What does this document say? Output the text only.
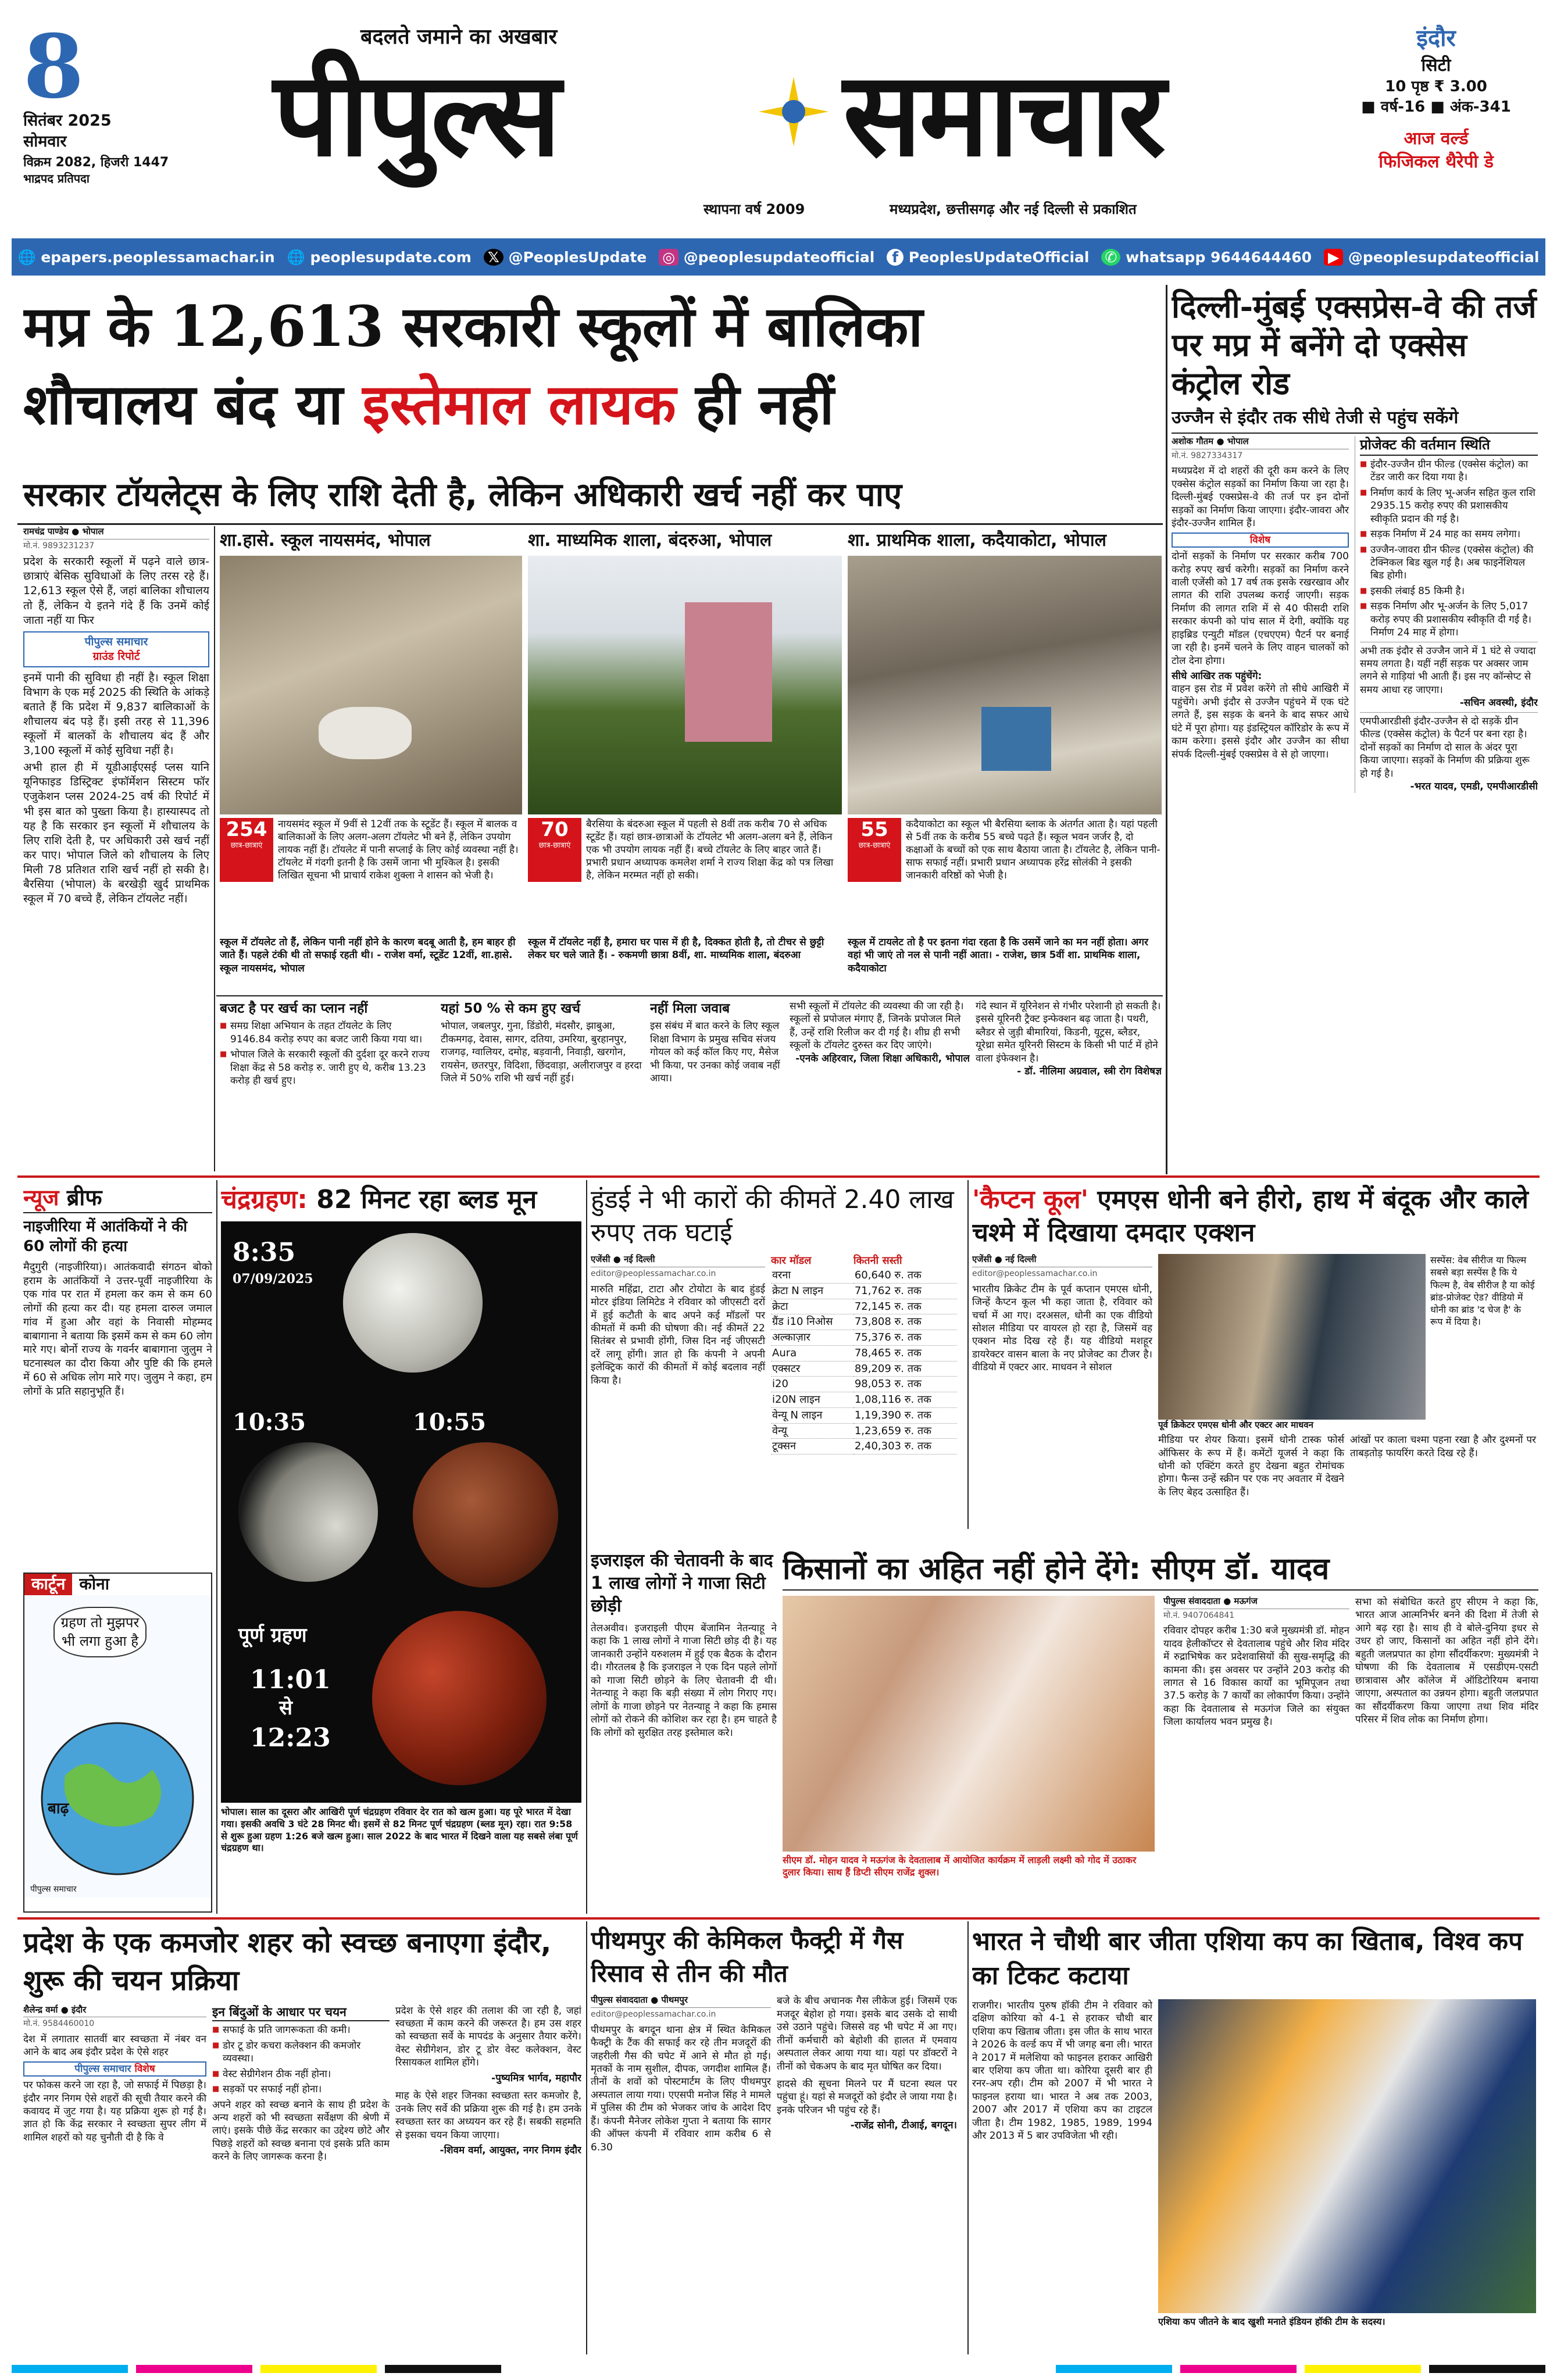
8
सितंबर 2025
सोमवार
विक्रम 2082, हिजरी 1447
भाद्रपद प्रतिपदा
बदलते जमाने का अखबार
पीपुल्स समाचार
स्थापना वर्ष 2009	मध्यप्रदेश, छत्तीसगढ़ और नई दिल्ली से प्रकाशित
इंदौर
सिटी
10 पृष्ठ ₹ 3.00
■ वर्ष-16 ■ अंक-341
आज वर्ल्ड
फिजिकल थैरेपी डे
🌐 epapers.peoplessamachar.in 🌐 peoplesupdate.com 𝕏 @PeoplesUpdate ◎ @peoplesupdateofficial	f PeoplesUpdateOfficial ✆ whatsapp 9644644460 ▶ @peoplesupdateofficial
मप्र के 12,613 सरकारी स्कूलों में बालिका
शौचालय बंद या इस्तेमाल लायक ही नहीं
सरकार टॉयलेट्स के लिए राशि देती है, लेकिन अधिकारी खर्च नहीं कर पाए
रामचंद्र पाण्डेय ● भोपाल
मो.नं. 9893231237

प्रदेश के सरकारी स्कूलों में पढ़ने वाले छात्र-छात्राएं बेसिक सुविधाओं के लिए तरस रहे हैं। 12,613 स्कूल ऐसे हैं, जहां बालिका शौचालय तो हैं, लेकिन ये इतने गंदे हैं कि उनमें कोई जाता नहीं या फिर

पीपुल्स समाचार
ग्राउंड रिपोर्ट

इनमें पानी की सुविधा ही नहीं है। स्कूल शिक्षा विभाग के एक मई 2025 की स्थिति के आंकड़े बताते हैं कि प्रदेश में 9,837 बालिकाओं के शौचालय बंद पड़े हैं। इसी तरह से 11,396 स्कूलों में बालकों के शौचालय बंद हैं और 3,100 स्कूलों में कोई सुविधा नहीं है।

अभी हाल ही में यूडीआईएसई प्लस यानि यूनिफाइड डिस्ट्रिक्ट इंफॉर्मेशन सिस्टम फॉर एजुकेशन प्लस 2024-25 वर्ष की रिपोर्ट में भी इस बात को पुख्ता किया है। हास्यास्पद तो यह है कि सरकार इन स्कूलों में शौचालय के लिए राशि देती है, पर अधिकारी उसे खर्च नहीं कर पाए। भोपाल जिले को शौचालय के लिए मिली 78 प्रतिशत राशि खर्च नहीं हो सकी है। बैरसिया (भोपाल) के बरखेड़ी खुर्द प्राथमिक स्कूल में 70 बच्चे हैं, लेकिन टॉयलेट नहीं।

शा.हासे. स्कूल नायसमंद, भोपाल
254
छात्र-छात्राएं
नायसमंद स्कूल में 9वीं से 12वीं तक के स्टूडेंट हैं। स्कूल में बालक व बालिकाओं के लिए अलग-अलग टॉयलेट भी बने हैं, लेकिन उपयोग लायक नहीं हैं। टॉयलेट में पानी सप्लाई के लिए कोई व्यवस्था नहीं है। टॉयलेट में गंदगी इतनी है कि उसमें जाना भी मुश्किल है। इसकी लिखित सूचना भी प्राचार्य राकेश शुक्ला ने शासन को भेजी है।
शा. माध्यमिक शाला, बंदरुआ, भोपाल
70
छात्र-छात्राएं
बैरसिया के बंदरुआ स्कूल में पहली से 8वीं तक करीब 70 से अधिक स्टूडेंट हैं। यहां छात्र-छात्राओं के टॉयलेट भी अलग-अलग बने हैं, लेकिन एक भी उपयोग लायक नहीं हैं। बच्चे टॉयलेट के लिए बाहर जाते हैं। प्रभारी प्रधान अध्यापक कमलेश शर्मा ने राज्य शिक्षा केंद्र को पत्र लिखा है, लेकिन मरम्मत नहीं हो सकी।
शा. प्राथमिक शाला, कदैयाकोटा, भोपाल
55
छात्र-छात्राएं
कदैयाकोटा का स्कूल भी बैरसिया ब्लाक के अंतर्गत आता है। यहां पहली से 5वीं तक के करीब 55 बच्चे पढ़ते हैं। स्कूल भवन जर्जर है, दो कक्षाओं के बच्चों को एक साथ बैठाया जाता है। टॉयलेट है, लेकिन पानी-साफ सफाई नहीं। प्रभारी प्रधान अध्यापक हरेंद्र सोलंकी ने इसकी जानकारी वरिष्ठों को भेजी है।
स्कूल में टॉयलेट तो हैं, लेकिन पानी नहीं होने के कारण बदबू आती है, हम बाहर ही जाते हैं। पहले टंकी थी तो सफाई रहती थी। - राजेश वर्मा, स्टूडेंट 12वीं, शा.हासे. स्कूल नायसमंद, भोपाल
स्कूल में टॉयलेट नहीं है, हमारा घर पास में ही है, दिक्कत होती है, तो टीचर से छुट्टी लेकर घर चले जाते हैं। - रुकमणी छात्रा 8वीं, शा. माध्यमिक शाला, बंदरुआ
स्कूल में टायलेट तो है पर इतना गंदा रहता है कि उसमें जाने का मन नहीं होता। अगर वहां भी जाएं तो नल से पानी नहीं आता। - राजेश, छात्र 5वीं शा. प्राथमिक शाला, कदैयाकोटा
बजट है पर खर्च का प्लान नहीं
■ समग्र शिक्षा अभियान के तहत टॉयलेट के लिए 9146.84 करोड़ रुपए का बजट जारी किया गया था।
■ भोपाल जिले के सरकारी स्कूलों की दुर्दशा दूर करने राज्य शिक्षा केंद्र से 58 करोड़ रु. जारी हुए थे, करीब 13.23 करोड़ ही खर्च हुए।
यहां 50 % से कम हुए खर्च
भोपाल, जबलपुर, गुना, डिंडोरी, मंदसौर, झाबुआ, टीकमगढ़, देवास, सागर, दतिया, उमरिया, बुरहानपुर, राजगढ़, ग्वालियर, दमोह, बड़वानी, निवाड़ी, खरगोन, रायसेन, छतरपुर, विदिशा, छिंदवाड़ा, अलीराजपुर व हरदा जिले में 50% राशि भी खर्च नहीं हुई।
नहीं मिला जवाब
इस संबंध में बात करने के लिए स्कूल शिक्षा विभाग के प्रमुख सचिव संजय गोयल को कई कॉल किए गए, मैसेज भी किया, पर उनका कोई जवाब नहीं आया।
सभी स्कूलों में टॉयलेट की व्यवस्था की जा रही है। स्कूलों से प्रपोजल मंगाए हैं, जिनके प्रपोजल मिले हैं, उन्हें राशि रिलीज कर दी गई है। शीघ्र ही सभी स्कूलों के टॉयलेट दुरुस्त कर दिए जाएंगे।
-एनके अहिरवार, जिला शिक्षा अधिकारी, भोपाल
गंदे स्थान में यूरिनेशन से गंभीर परेशानी हो सकती है। इससे यूरिनरी ट्रैक्ट इन्फेक्शन बढ़ जाता है। पथरी, ब्लैडर से जुड़ी बीमारियां, किडनी, यूट्रस, ब्लैडर, यूरेथ्रा समेत यूरिनरी सिस्टम के किसी भी पार्ट में होने वाला इंफेक्शन है।
- डॉ. नीलिमा अग्रवाल, स्त्री रोग विशेषज्ञ
दिल्ली-मुंबई एक्सप्रेस-वे की तर्ज पर मप्र में बनेंगे दो एक्सेस कंट्रोल रोड
उज्जैन से इंदौर तक सीधे तेजी से पहुंच सकेंगे
अशोक गौतम ● भोपाल
मो.नं. 9827334317

मध्यप्रदेश में दो शहरों की दूरी कम करने के लिए एक्सेस कंट्रोल सड़कों का निर्माण किया जा रहा है। दिल्ली-मुंबई एक्सप्रेस-वे की तर्ज पर इन दोनों सड़कों का निर्माण किया जाएगा। इंदौर-जावरा और इंदौर-उज्जैन शामिल हैं।

विशेष

दोनों सड़कों के निर्माण पर सरकार करीब 700 करोड़ रुपए खर्च करेगी। सड़कों का निर्माण करने वाली एजेंसी को 17 वर्ष तक इसके रखरखाव और लागत की राशि उपलब्ध कराई जाएगी। सड़क निर्माण की लागत राशि में से 40 फीसदी राशि सरकार कंपनी को पांच साल में देगी, क्योंकि यह हाइब्रिड एन्युटी मॉडल (एचएएम) पैटर्न पर बनाई जा रही है। इनमें चलने के लिए वाहन चालकों को टोल देना होगा।

सीधे आखिर तक पहुंचेंगे:

वाहन इस रोड में प्रवेश करेंगे तो सीधे आखिरी में पहुंचेंगे। अभी इंदौर से उज्जैन पहुंचने में एक घंटे लगते हैं, इस सड़क के बनने के बाद सफर आधे घंटे में पूरा होगा। यह इंडस्ट्रियल कॉरिडोर के रूप में काम करेगा। इससे इंदौर और उज्जैन का सीधा संपर्क दिल्ली-मुंबई एक्सप्रेस वे से हो जाएगा।

प्रोजेक्ट की वर्तमान स्थिति
■ इंदौर-उज्जैन ग्रीन फील्ड (एक्सेस कंट्रोल) का टेंडर जारी कर दिया गया है।
■ निर्माण कार्य के लिए भू-अर्जन सहित कुल राशि 2935.15 करोड़ रुपए की प्रशासकीय स्वीकृति प्रदान की गई है।
■ सड़क निर्माण में 24 माह का समय लगेगा।
■ उज्जैन-जावरा ग्रीन फील्ड (एक्सेस कंट्रोल) की टेक्निकल बिड खुल गई है। अब फाइनेंशियल बिड होगी।
■ इसकी लंबाई 85 किमी है।
■ सड़क निर्माण और भू-अर्जन के लिए 5,017 करोड़ रुपए की प्रशासकीय स्वीकृति दी गई है। निर्माण 24 माह में होगा।
अभी तक इंदौर से उज्जैन जाने में 1 घंटे से ज्यादा समय लगता है। यहीं नहीं सड़क पर अक्सर जाम लगने से गाड़ियां भी आती हैं। इस नए कॉन्सेप्ट से समय आधा रह जाएगा।
-सचिन अवस्थी, इंदौर
एमपीआरडीसी इंदौर-उज्जैन से दो सड़कें ग्रीन फील्ड (एक्सेस कंट्रोल) के पैटर्न पर बना रहा है। दोनों सड़कों का निर्माण दो साल के अंदर पूरा किया जाएगा। सड़कों के निर्माण की प्रक्रिया शुरू हो गई है।
-भरत यादव, एमडी, एमपीआरडीसी
न्यूज ब्रीफ
नाइजीरिया में आतंकियों ने की 60 लोगों की हत्या

मैदुगुरी (नाइजीरिया)। आतंकवादी संगठन बोको हराम के आतंकियों ने उत्तर-पूर्वी नाइजीरिया के एक गांव पर रात में हमला कर कम से कम 60 लोगों की हत्या कर दी। यह हमला दारुल जमाल गांव में हुआ और वहां के निवासी मोहम्मद बाबागाना ने बताया कि इसमें कम से कम 60 लोग मारे गए। बोर्नो राज्य के गवर्नर बाबागाना जुलुम ने घटनास्थल का दौरा किया और पुष्टि की कि हमले में 60 से अधिक लोग मारे गए। जुलुम ने कहा, हम लोगों के प्रति सहानुभूति हैं।

कार्टून कोना
ग्रहण तो मुझपर भी लगा हुआ है
बाढ़
पीपुल्स समाचार
चंद्रग्रहण: 82 मिनट रहा ब्लड मून
8:35
07/09/2025
10:35	10:55
पूर्ण ग्रहण
11:01
से
12:23
भोपाल। साल का दूसरा और आखिरी पूर्ण चंद्रग्रहण रविवार देर रात को खत्म हुआ। यह पूरे भारत में देखा गया। इसकी अवधि 3 घंटे 28 मिनट थी। इसमें से 82 मिनट पूर्ण चंद्रग्रहण (ब्लड मून) रहा। रात 9:58 से शुरू हुआ ग्रहण 1:26 बजे खत्म हुआ। साल 2022 के बाद भारत में दिखने वाला यह सबसे लंबा पूर्ण चंद्रग्रहण था।
हुंडई ने भी कारों की कीमतें 2.40 लाख रुपए तक घटाई
एजेंसी ● नई दिल्ली
editor@peoplessamachar.co.in

मारुति महिंद्रा, टाटा और टोयोटा के बाद हुंडई मोटर इंडिया लिमिटेड ने रविवार को जीएसटी दरों में हुई कटौती के बाद अपने कई मॉडलों पर कीमतों में कमी की घोषणा की। नई कीमतें 22 सितंबर से प्रभावी होंगी, जिस दिन नई जीएसटी दरें लागू होंगी। ज्ञात हो कि कंपनी ने अपनी इलेक्ट्रिक कारों की कीमतों में कोई बदलाव नहीं किया है।

कार मॉडल	कितनी सस्ती
वरना	60,640 रु. तक
क्रेटा N लाइन	71,762 रु. तक
क्रेटा	72,145 रु. तक
ग्रैंड i10 निओस	73,808 रु. तक
अल्काज़ार	75,376 रु. तक
Aura	78,465 रु. तक
एक्सटर	89,209 रु. तक
i20	98,053 रु. तक
i20N लाइन	1,08,116 रु. तक
वेन्यू N लाइन	1,19,390 रु. तक
वेन्यू	1,23,659 रु. तक
टूक्सन	2,40,303 रु. तक
इजराइल की चेतावनी के बाद 1 लाख लोगों ने गाजा सिटी छोड़ी

तेलअवीव। इजराइली पीएम बेंजामिन नेतन्याहू ने कहा कि 1 लाख लोगों ने गाजा सिटी छोड़ दी है। यह जानकारी उन्होंने यरुशलम में हुई एक बैठक के दौरान दी। गौरतलब है कि इजराइल ने एक दिन पहले लोगों को गाजा सिटी छोड़ने के लिए चेतावनी दी थी। नेतन्याहू ने कहा कि बड़ी संख्या में लोग गिराए गए। लोगों के गाजा छोड़ने पर नेतन्याहू ने कहा कि हमास लोगों को रोकने की कोशिश कर रहा है। हम चाहते है कि लोगों को सुरक्षित तरह इस्तेमाल करे।

किसानों का अहित नहीं होने देंगे: सीएम डॉ. यादव
सीएम डॉ. मोहन यादव ने मऊगंज के देवतालाब में आयोजित कार्यक्रम में लाड़ली लक्ष्मी को गोद में उठाकर दुलार किया। साथ हैं डिप्टी सीएम राजेंद्र शुक्ल।
पीपुल्स संवाददाता ● मऊगंज
मो.नं. 9407064841

रविवार दोपहर करीब 1:30 बजे मुख्यमंत्री डॉ. मोहन यादव हेलीकॉप्टर से देवतालाब पहुंचे और शिव मंदिर में रुद्राभिषेक कर प्रदेशवासियों की सुख-समृद्धि की कामना की। इस अवसर पर उन्होंने 203 करोड़ की लागत से 16 विकास कार्यों का भूमिपूजन तथा 37.5 करोड़ के 7 कार्यों का लोकार्पण किया। उन्होंने कहा कि देवतालाब से मऊगंज जिले का संयुक्त जिला कार्यालय भवन प्रमुख है।

सभा को संबोधित करते हुए सीएम ने कहा कि, भारत आज आत्मनिर्भर बनने की दिशा में तेजी से आगे बढ़ रहा है। साथ ही वे बोले-दुनिया इधर से उधर हो जाए, किसानों का अहित नहीं होने देंगे। बहुती जलप्रपात का होगा सौंदर्यीकरण: मुख्यमंत्री ने घोषणा की कि देवतालाब में एसडीएम-एसटी छात्रावास और कॉलेज में ऑडिटोरियम बनाया जाएगा, अस्पताल का उन्नयन होगा। बहुती जलप्रपात का सौंदर्यीकरण किया जाएगा तथा शिव मंदिर परिसर में शिव लोक का निर्माण होगा।

'कैप्टन कूल' एमएस धोनी बने हीरो, हाथ में बंदूक और काले चश्मे में दिखाया दमदार एक्शन
एजेंसी ● नई दिल्ली
editor@peoplessamachar.co.in

भारतीय क्रिकेट टीम के पूर्व कप्तान एमएस धोनी, जिन्हें कैप्टन कूल भी कहा जाता है, रविवार को चर्चा में आ गए। दरअसल, धोनी का एक वीडियो सोशल मीडिया पर वायरल हो रहा है, जिसमें वह एक्शन मोड दिख रहे हैं। यह वीडियो मशहूर डायरेक्टर वासन बाला के नए प्रोजेक्ट का टीजर है। वीडियो में एक्टर आर. माधवन ने सोशल

पूर्व क्रिकेटर एमएस धोनी और एक्टर आर माधवन
सस्पेंस: वेब सीरीज या फिल्म सबसे बड़ा सस्पेंस है कि ये फिल्म है, वेब सीरीज है या कोई ब्रांड-प्रोजेक्ट ऐड? वीडियो में धोनी का ब्रांड 'द चेज है' के रूप में दिया है।

मीडिया पर शेयर किया। इसमें धोनी टास्क फोर्स ऑफिसर के रूप में हैं। कमेंटों यूजर्स ने कहा कि धोनी को एक्टिंग करते हुए देखना बहुत रोमांचक होगा। फैन्स उन्हें स्क्रीन पर एक नए अवतार में देखने के लिए बेहद उत्साहित हैं।

आंखों पर काला चश्मा पहना रखा है और दुश्मनों पर ताबड़तोड़ फायरिंग करते दिख रहे हैं।

प्रदेश के एक कमजोर शहर को स्वच्छ बनाएगा इंदौर, शुरू की चयन प्रक्रिया
शैलेन्द्र वर्मा ● इंदौर
मो.नं. 9584460010

देश में लगातार सातवीं बार स्वच्छता में नंबर वन आने के बाद अब इंदौर प्रदेश के ऐसे शहर

पीपुल्स समाचार विशेष

पर फोकस करने जा रहा है, जो सफाई में पिछड़ा है। इंदौर नगर निगम ऐसे शहरों की सूची तैयार करने की कवायद में जुट गया है। यह प्रक्रिया शुरू हो गई है। ज्ञात हो कि केंद्र सरकार ने स्वच्छता सुपर लीग में शामिल शहरों को यह चुनौती दी है कि वे

इन बिंदुओं के आधार पर चयन
■ सफाई के प्रति जागरूकता की कमी।
■ डोर टू डोर कचरा कलेक्शन की कमजोर व्यवस्था।
■ वेस्ट सेग्रीगेशन ठीक नहीं होना।
■ सड़कों पर सफाई नहीं होना।

अपने शहर को स्वच्छ बनाने के साथ ही प्रदेश के अन्य शहरों को भी स्वच्छता सर्वेक्षण की श्रेणी में लाएं। इसके पीछे केंद्र सरकार का उद्देश्य छोटे और पिछड़े शहरों को स्वच्छ बनाना एवं इसके प्रति काम करने के लिए जागरूक करना है।

प्रदेश के ऐसे शहर की तलाश की जा रही है, जहां स्वच्छता में काम करने की जरूरत है। हम उस शहर को स्वच्छता सर्वे के मापदंड के अनुसार तैयार करेंगे। वेस्ट सेग्रीगेशन, डोर टू डोर वेस्ट कलेक्शन, वेस्ट रिसायकल शामिल होंगे।

-पुष्यमित्र भार्गव, महापौर

माह के ऐसे शहर जिनका स्वच्छता स्तर कमजोर है, उनके लिए सर्वे की प्रक्रिया शुरू की गई है। हम उनके स्वच्छता स्तर का अध्ययन कर रहे हैं। सबकी सहमति से इसका चयन किया जाएगा।

-शिवम वर्मा, आयुक्त, नगर निगम इंदौर
पीथमपुर की केमिकल फैक्ट्री में गैस रिसाव से तीन की मौत
पीपुल्स संवाददाता ● पीथमपुर
editor@peoplessamachar.co.in

पीथमपुर के बगदून थाना क्षेत्र में स्थित केमिकल फैक्ट्री के टैंक की सफाई कर रहे तीन मजदूरों की जहरीली गैस की चपेट में आने से मौत हो गई। मृतकों के नाम सुशील, दीपक, जगदीश शामिल हैं। तीनों के शवों को पोस्टमार्टम के लिए पीथमपुर अस्पताल लाया गया। एएसपी मनोज सिंह ने मामले में पुलिस की टीम को भेजकर जांच के आदेश दिए हैं। कंपनी मैनेजर लोकेश गुप्ता ने बताया कि सागर की ऑफ्ल कंपनी में रविवार शाम करीब 6 से 6.30

बजे के बीच अचानक गैस लीकेज हुई। जिसमें एक मजदूर बेहोश हो गया। इसके बाद उसके दो साथी उसे उठाने पहुंचे। जिससे वह भी चपेट में आ गए। तीनों कर्मचारी को बेहोशी की हालत में एमवाय अस्पताल लेकर आया गया था। यहां पर डॉक्टरों ने तीनों को चेकअप के बाद मृत घोषित कर दिया।

हादसे की सूचना मिलने पर मैं घटना स्थल पर पहुंचा हूं। यहां से मजदूरों को इंदौर ले जाया गया है। इनके परिजन भी पहुंच रहे हैं।

-राजेंद्र सोनी, टीआई, बगदून।
भारत ने चौथी बार जीता एशिया कप का खिताब, विश्व कप का टिकट कटाया

राजगीर। भारतीय पुरुष हॉकी टीम ने रविवार को दक्षिण कोरिया को 4-1 से हराकर चौथी बार एशिया कप खिताब जीता। इस जीत के साथ भारत ने 2026 के वर्ल्ड कप में भी जगह बना ली। भारत ने 2017 में मलेशिया को फाइनल हराकर आखिरी बार एशिया कप जीता था। कोरिया दूसरी बार ही रनर-अप रही। टीम को 2007 में भी भारत ने फाइनल हराया था। भारत ने अब तक 2003, 2007 और 2017 में एशिया कप का टाइटल जीता है। टीम 1982, 1985, 1989, 1994 और 2013 में 5 बार उपविजेता भी रही।

एशिया कप जीतने के बाद खुशी मनाते इंडियन हॉकी टीम के सदस्य।
